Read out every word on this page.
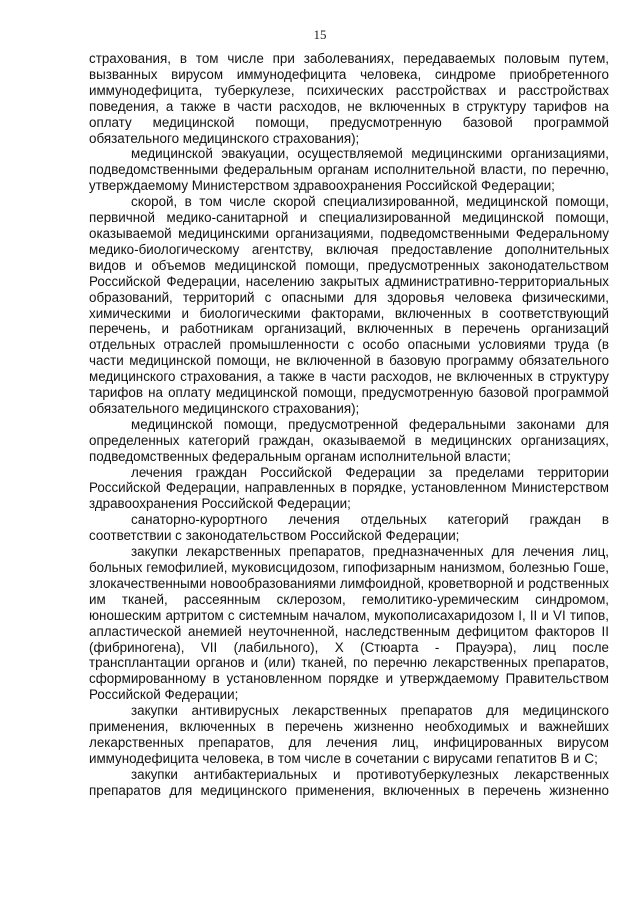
15

страхования, в том числе при заболеваниях, передаваемых половым путем, вызванных вирусом иммунодефицита человека, синдроме приобретенного иммунодефицита, туберкулезе, психических расстройствах и расстройствах поведения, а также в части расходов, не включенных в структуру тарифов на оплату медицинской помощи, предусмотренную базовой программой обязательного медицинского страхования);

медицинской эвакуации, осуществляемой медицинскими организациями, подведомственными федеральным органам исполнительной власти, по перечню, утверждаемому Министерством здравоохранения Российской Федерации;

скорой, в том числе скорой специализированной, медицинской помощи, первичной медико-санитарной и специализированной медицинской помощи, оказываемой медицинскими организациями, подведомственными Федеральному медико-биологическому агентству, включая предоставление дополнительных видов и объемов медицинской помощи, предусмотренных законодательством Российской Федерации, населению закрытых административно-территориальных образований, территорий с опасными для здоровья человека физическими, химическими и биологическими факторами, включенных в соответствующий перечень, и работникам организаций, включенных в перечень организаций отдельных отраслей промышленности с особо опасными условиями труда (в части медицинской помощи, не включенной в базовую программу обязательного медицинского страхования, а также в части расходов, не включенных в структуру тарифов на оплату медицинской помощи, предусмотренную базовой программой обязательного медицинского страхования);

медицинской помощи, предусмотренной федеральными законами для определенных категорий граждан, оказываемой в медицинских организациях, подведомственных федеральным органам исполнительной власти;

лечения граждан Российской Федерации за пределами территории Российской Федерации, направленных в порядке, установленном Министерством здравоохранения Российской Федерации;

санаторно-курортного лечения отдельных категорий граждан в соответствии с законодательством Российской Федерации;

закупки лекарственных препаратов, предназначенных для лечения лиц, больных гемофилией, муковисцидозом, гипофизарным нанизмом, болезнью Гоше, злокачественными новообразованиями лимфоидной, кроветворной и родственных им тканей, рассеянным склерозом, гемолитико-уремическим синдромом, юношеским артритом с системным началом, мукополисахаридозом I, II и VI типов, апластической анемией неуточненной, наследственным дефицитом факторов II (фибриногена), VII (лабильного), X (Стюарта - Прауэра), лиц после трансплантации органов и (или) тканей, по перечню лекарственных препаратов, сформированному в установленном порядке и утверждаемому Правительством Российской Федерации;

закупки антивирусных лекарственных препаратов для медицинского применения, включенных в перечень жизненно необходимых и важнейших лекарственных препаратов, для лечения лиц, инфицированных вирусом иммунодефицита человека, в том числе в сочетании с вирусами гепатитов B и C;

закупки антибактериальных и противотуберкулезных лекарственных препаратов для медицинского применения, включенных в перечень жизненно
